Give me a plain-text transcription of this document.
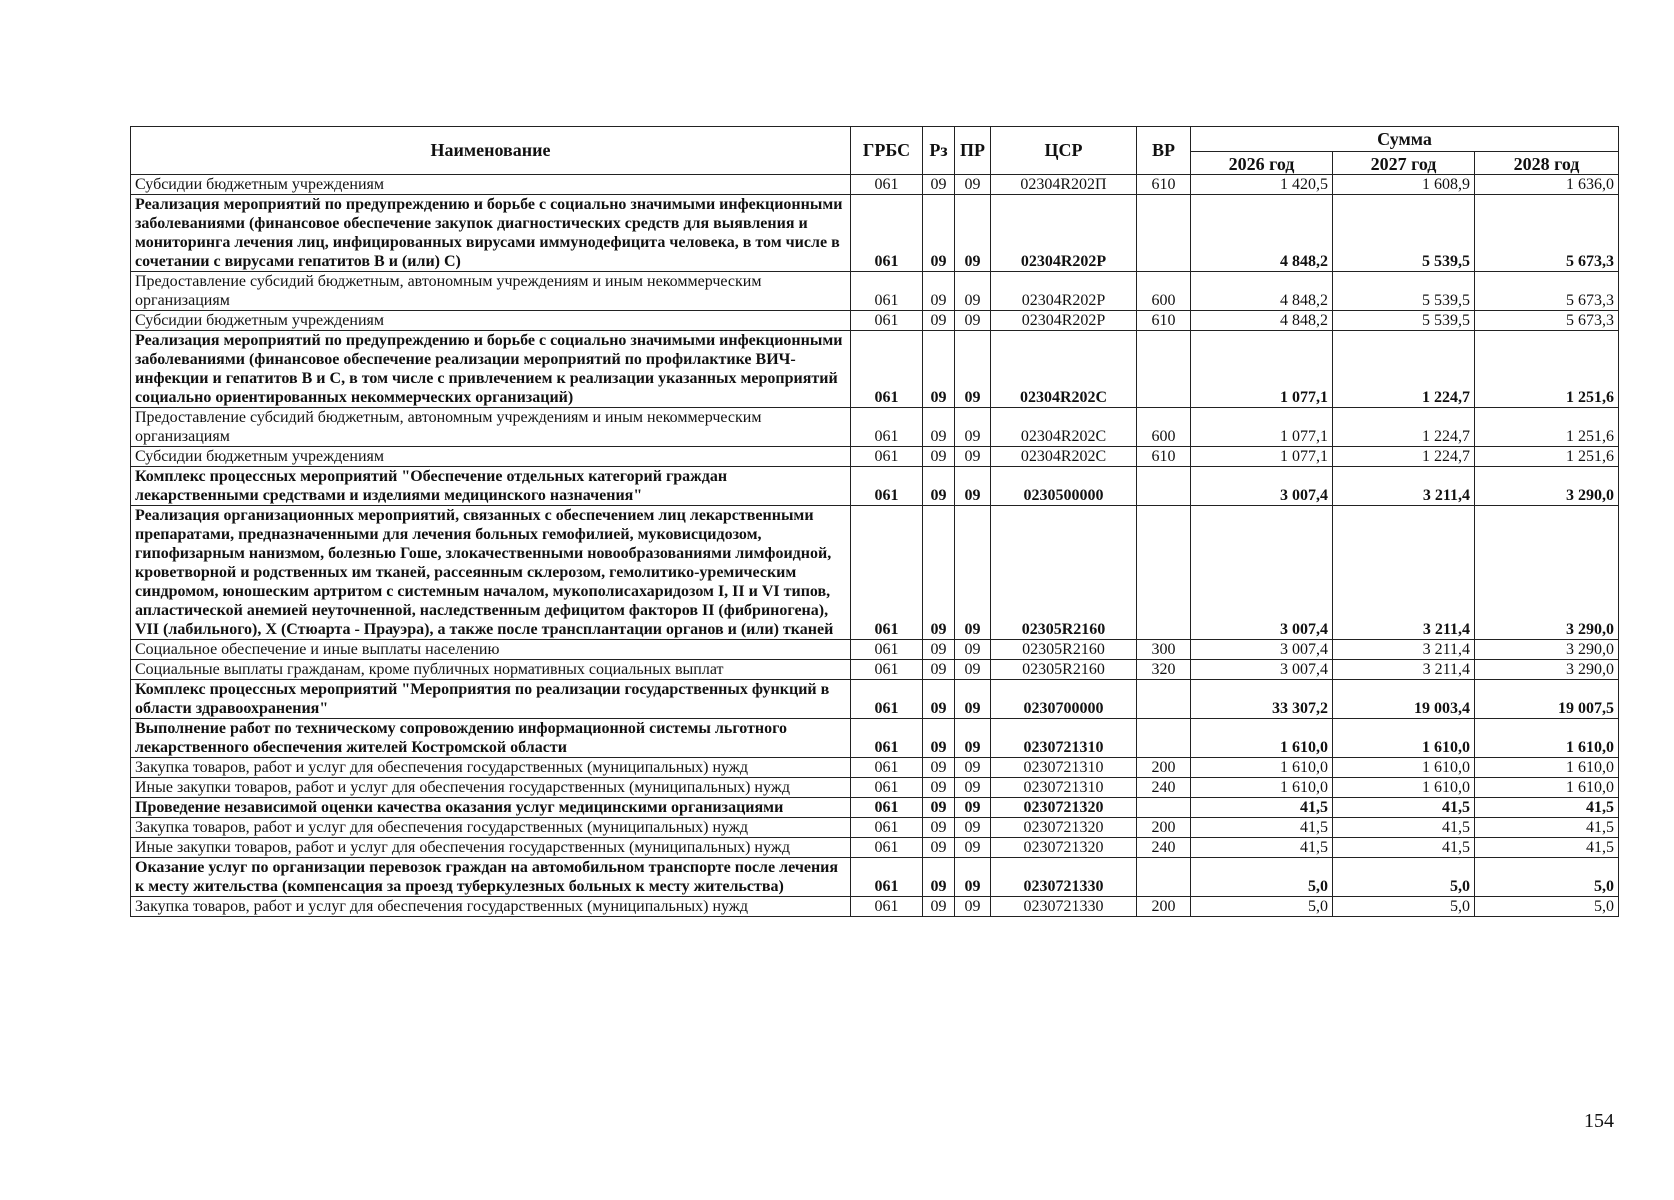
Наименование	ГРБС	Рз	ПР	ЦСР	ВР	Сумма		
						2026 год	2027 год	2028 год
Субсидии бюджетным учреждениям	061	09	09	02304R202П	610	1 420,5	1 608,9	1 636,0
Реализация мероприятий по предупреждению и борьбе с социально значимыми инфекционными заболеваниями (финансовое обеспечение закупок диагностических средств для выявления и мониторинга лечения лиц, инфицированных вирусами иммунодефицита человека, в том числе в сочетании с вирусами гепатитов В и (или) С)	061	09	09	02304R202P		4 848,2	5 539,5	5 673,3
Предоставление субсидий бюджетным, автономным учреждениям и иным некоммерческим организациям	061	09	09	02304R202P	600	4 848,2	5 539,5	5 673,3
Субсидии бюджетным учреждениям	061	09	09	02304R202P	610	4 848,2	5 539,5	5 673,3
Реализация мероприятий по предупреждению и борьбе с социально значимыми инфекционными заболеваниями (финансовое обеспечение реализации мероприятий по профилактике ВИЧ- инфекции и гепатитов В и С, в том числе с привлечением к реализации указанных мероприятий социально ориентированных некоммерческих организаций)	061	09	09	02304R202C		1 077,1	1 224,7	1 251,6
Предоставление субсидий бюджетным, автономным учреждениям и иным некоммерческим организациям	061	09	09	02304R202C	600	1 077,1	1 224,7	1 251,6
Субсидии бюджетным учреждениям	061	09	09	02304R202C	610	1 077,1	1 224,7	1 251,6
Комплекс процессных мероприятий "Обеспечение отдельных категорий граждан лекарственными средствами и изделиями медицинского назначения"	061	09	09	0230500000		3 007,4	3 211,4	3 290,0
Реализация организационных мероприятий, связанных с обеспечением лиц лекарственными препаратами, предназначенными для лечения больных гемофилией, муковисцидозом, гипофизарным нанизмом, болезнью Гоше, злокачественными новообразованиями лимфоидной, кроветворной и родственных им тканей, рассеянным склерозом, гемолитико-уремическим синдромом, юношеским артритом с системным началом, мукополисахаридозом I, II и VI типов, апластической анемией неуточненной, наследственным дефицитом факторов II (фибриногена), VII (лабильного), X (Стюарта - Прауэра), а также после трансплантации органов и (или) тканей	061	09	09	02305R2160		3 007,4	3 211,4	3 290,0
Социальное обеспечение и иные выплаты населению	061	09	09	02305R2160	300	3 007,4	3 211,4	3 290,0
Социальные выплаты гражданам, кроме публичных нормативных социальных выплат	061	09	09	02305R2160	320	3 007,4	3 211,4	3 290,0
Комплекс процессных мероприятий "Мероприятия по реализации государственных функций в области здравоохранения"	061	09	09	0230700000		33 307,2	19 003,4	19 007,5
Выполнение работ по техническому сопровождению информационной системы льготного лекарственного обеспечения жителей Костромской области	061	09	09	0230721310		1 610,0	1 610,0	1 610,0
Закупка товаров, работ и услуг для обеспечения государственных (муниципальных) нужд	061	09	09	0230721310	200	1 610,0	1 610,0	1 610,0
Иные закупки товаров, работ и услуг для обеспечения государственных (муниципальных) нужд	061	09	09	0230721310	240	1 610,0	1 610,0	1 610,0
Проведение независимой оценки качества оказания услуг медицинскими организациями	061	09	09	0230721320		41,5	41,5	41,5
Закупка товаров, работ и услуг для обеспечения государственных (муниципальных) нужд	061	09	09	0230721320	200	41,5	41,5	41,5
Иные закупки товаров, работ и услуг для обеспечения государственных (муниципальных) нужд	061	09	09	0230721320	240	41,5	41,5	41,5
Оказание услуг по организации перевозок граждан на автомобильном транспорте после лечения к месту жительства (компенсация за проезд туберкулезных больных к месту жительства)	061	09	09	0230721330		5,0	5,0	5,0
Закупка товаров, работ и услуг для обеспечения государственных (муниципальных) нужд	061	09	09	0230721330	200	5,0	5,0	5,0
154
